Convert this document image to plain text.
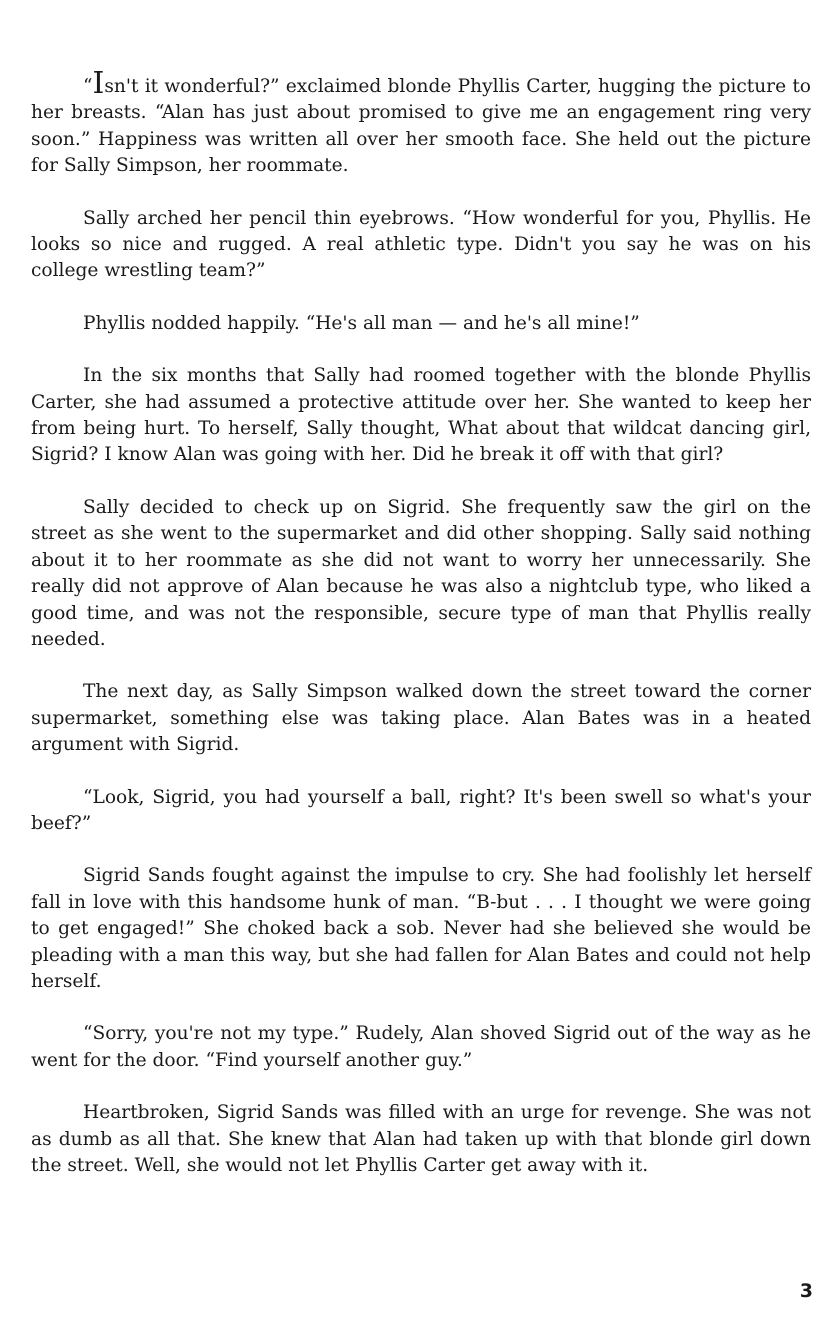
“Isn't it wonderful?” exclaimed blonde Phyllis Carter, hugging the picture to her breasts. “Alan has just about promised to give me an engagement ring very soon.” Happiness was written all over her smooth face. She held out the picture for Sally Simpson, her roommate.

Sally arched her pencil thin eyebrows. “How wonderful for you, Phyllis. He looks so nice and rugged. A real athletic type. Didn't you say he was on his college wrestling team?”

Phyllis nodded happily. “He's all man — and he's all mine!”

In the six months that Sally had roomed together with the blonde Phyllis Carter, she had assumed a protective attitude over her. She wanted to keep her from being hurt. To herself, Sally thought, What about that wildcat dancing girl, Sigrid? I know Alan was going with her. Did he break it off with that girl?

Sally decided to check up on Sigrid. She frequently saw the girl on the street as she went to the supermarket and did other shopping. Sally said nothing about it to her roommate as she did not want to worry her unnecessarily. She really did not approve of Alan because he was also a nightclub type, who liked a good time, and was not the responsible, secure type of man that Phyllis really needed.

The next day, as Sally Simpson walked down the street toward the corner supermarket, something else was taking place. Alan Bates was in a heated argument with Sigrid.

“Look, Sigrid, you had yourself a ball, right? It's been swell so what's your beef?”

Sigrid Sands fought against the impulse to cry. She had foolishly let herself fall in love with this handsome hunk of man. “B-but . . . I thought we were going to get engaged!” She choked back a sob. Never had she believed she would be pleading with a man this way, but she had fallen for Alan Bates and could not help herself.

“Sorry, you're not my type.” Rudely, Alan shoved Sigrid out of the way as he went for the door. “Find yourself another guy.”

Heartbroken, Sigrid Sands was filled with an urge for revenge. She was not as dumb as all that. She knew that Alan had taken up with that blonde girl down the street. Well, she would not let Phyllis Carter get away with it.

3
